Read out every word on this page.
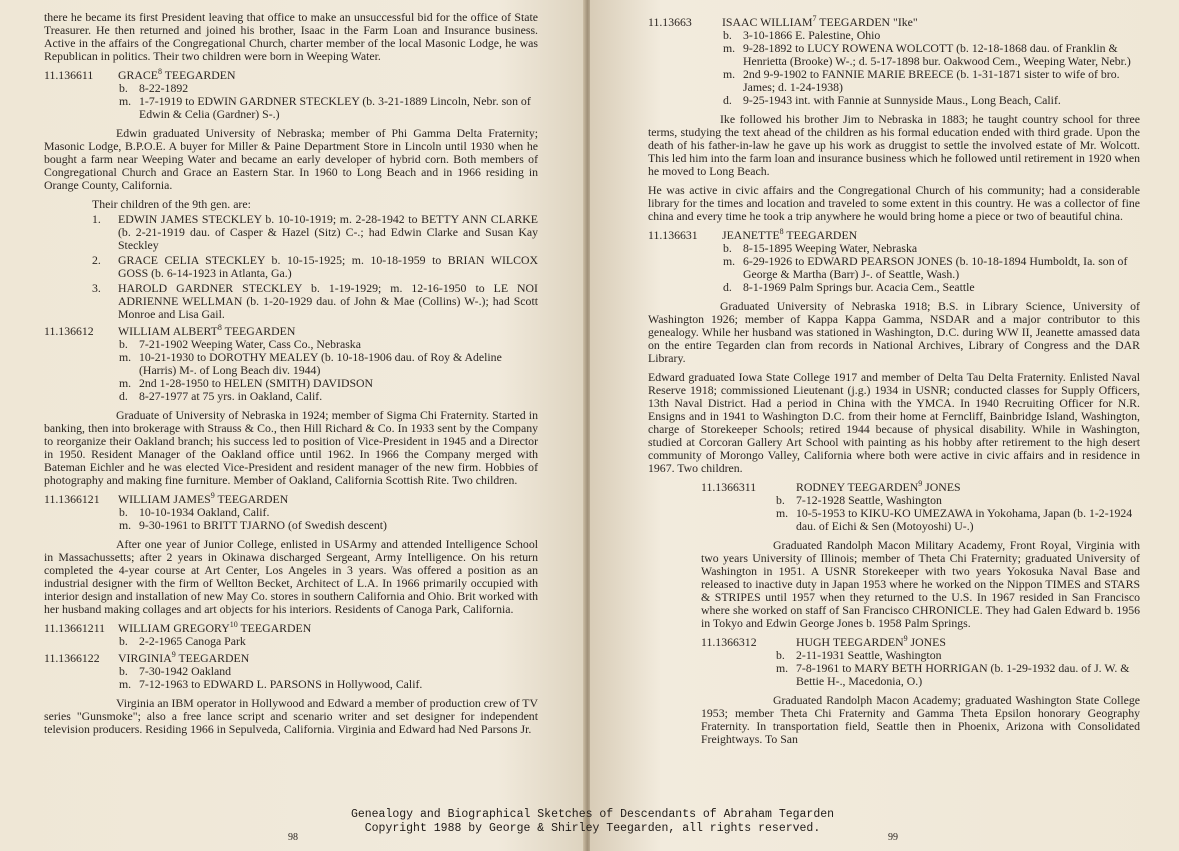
there he became its first President leaving that office to make an unsuccessful bid for the office of State Treasurer. He then returned and joined his brother, Isaac in the Farm Loan and Insurance business. Active in the affairs of the Congregational Church, charter member of the local Masonic Lodge, he was Republican in politics. Their two children were born in Weeping Water.

11.136611	GRACE$^8$ TEEGARDEN
b. 8-22-1892
m. 1-7-1919 to EDWIN GARDNER STECKLEY (b. 3-21-1889 Lincoln, Nebr. son of Edwin & Celia (Gardner) S-.)

Edwin graduated University of Nebraska; member of Phi Gamma Delta Fraternity; Masonic Lodge, B.P.O.E. A buyer for Miller & Paine Department Store in Lincoln until 1930 when he bought a farm near Weeping Water and became an early developer of hybrid corn. Both members of Congregational Church and Grace an Eastern Star. In 1960 to Long Beach and in 1966 residing in Orange County, California.

Their children of the 9th gen. are:
1.	EDWIN JAMES STECKLEY b. 10-10-1919; m. 2-28-1942 to BETTY ANN CLARKE (b. 2-21-1919 dau. of Casper & Hazel (Sitz) C-.; had Edwin Clarke and Susan Kay Steckley
2.	GRACE CELIA STECKLEY b. 10-15-1925; m. 10-18-1959 to BRIAN WILCOX GOSS (b. 6-14-1923 in Atlanta, Ga.)
3.	HAROLD GARDNER STECKLEY b. 1-19-1929; m. 12-16-1950 to LE NOI ADRIENNE WELLMAN (b. 1-20-1929 dau. of John & Mae (Collins) W-.); had Scott Monroe and Lisa Gail.
11.136612	WILLIAM ALBERT$^8$ TEEGARDEN
b. 7-21-1902 Weeping Water, Cass Co., Nebraska
m. 10-21-1930 to DOROTHY MEALEY (b. 10-18-1906 dau. of Roy & Adeline (Harris) M-. of Long Beach div. 1944)
m. 2nd 1-28-1950 to HELEN (SMITH) DAVIDSON
d. 8-27-1977 at 75 yrs. in Oakland, Calif.

Graduate of University of Nebraska in 1924; member of Sigma Chi Fraternity. Started in banking, then into brokerage with Strauss & Co., then Hill Richard & Co. In 1933 sent by the Company to reorganize their Oakland branch; his success led to position of Vice-President in 1945 and a Director in 1950. Resident Manager of the Oakland office until 1962. In 1966 the Company merged with Bateman Eichler and he was elected Vice-President and resident manager of the new firm. Hobbies of photography and making fine furniture. Member of Oakland, California Scottish Rite. Two children.

11.1366121	WILLIAM JAMES$^9$ TEEGARDEN
b. 10-10-1934 Oakland, Calif.
m. 9-30-1961 to BRITT TJARNO (of Swedish descent)

After one year of Junior College, enlisted in USArmy and attended Intelligence School in Massachussetts; after 2 years in Okinawa discharged Sergeant, Army Intelligence. On his return completed the 4-year course at Art Center, Los Angeles in 3 years. Was offered a position as an industrial designer with the firm of Wellton Becket, Architect of L.A. In 1966 primarily occupied with interior design and installation of new May Co. stores in southern California and Ohio. Brit worked with her husband making collages and art objects for his interiors. Residents of Canoga Park, California.

11.13661211	WILLIAM GREGORY$^{10}$ TEEGARDEN
b. 2-2-1965 Canoga Park
11.1366122	VIRGINIA$^9$ TEEGARDEN
b. 7-30-1942 Oakland
m. 7-12-1963 to EDWARD L. PARSONS in Hollywood, Calif.

Virginia an IBM operator in Hollywood and Edward a member of production crew of TV series "Gunsmoke"; also a free lance script and scenario writer and set designer for independent television producers. Residing 1966 in Sepulveda, California. Virginia and Edward had Ned Parsons Jr.

98
11.13663	ISAAC WILLIAM$^7$ TEEGARDEN "Ike"
b. 3-10-1866 E. Palestine, Ohio
m. 9-28-1892 to LUCY ROWENA WOLCOTT (b. 12-18-1868 dau. of Franklin & Henrietta (Brooke) W-.; d. 5-17-1898 bur. Oakwood Cem., Weeping Water, Nebr.)
m. 2nd 9-9-1902 to FANNIE MARIE BREECE (b. 1-31-1871 sister to wife of bro. James; d. 1-24-1938)
d. 9-25-1943 int. with Fannie at Sunnyside Maus., Long Beach, Calif.

Ike followed his brother Jim to Nebraska in 1883; he taught country school for three terms, studying the text ahead of the children as his formal education ended with third grade. Upon the death of his father-in-law he gave up his work as druggist to settle the involved estate of Mr. Wolcott. This led him into the farm loan and insurance business which he followed until retirement in 1920 when he moved to Long Beach.

He was active in civic affairs and the Congregational Church of his community; had a considerable library for the times and location and traveled to some extent in this country. He was a collector of fine china and every time he took a trip anywhere he would bring home a piece or two of beautiful china.

11.136631	JEANETTE$^8$ TEEGARDEN
b. 8-15-1895 Weeping Water, Nebraska
m. 6-29-1926 to EDWARD PEARSON JONES (b. 10-18-1894 Humboldt, Ia. son of George & Martha (Barr) J-. of Seattle, Wash.)
d. 8-1-1969 Palm Springs bur. Acacia Cem., Seattle

Graduated University of Nebraska 1918; B.S. in Library Science, University of Washington 1926; member of Kappa Kappa Gamma, NSDAR and a major contributor to this genealogy. While her husband was stationed in Washington, D.C. during WW II, Jeanette amassed data on the entire Tegarden clan from records in National Archives, Library of Congress and the DAR Library.

Edward graduated Iowa State College 1917 and member of Delta Tau Delta Fraternity. Enlisted Naval Reserve 1918; commissioned Lieutenant (j.g.) 1934 in USNR; conducted classes for Supply Officers, 13th Naval District. Had a period in China with the YMCA. In 1940 Recruiting Officer for N.R. Ensigns and in 1941 to Washington D.C. from their home at Ferncliff, Bainbridge Island, Washington, charge of Storekeeper Schools; retired 1944 because of physical disability. While in Washington, studied at Corcoran Gallery Art School with painting as his hobby after retirement to the high desert community of Morongo Valley, California where both were active in civic affairs and in residence in 1967. Two children.

11.1366311	RODNEY TEEGARDEN$^9$ JONES
b. 7-12-1928 Seattle, Washington
m. 10-5-1953 to KIKU-KO UMEZAWA in Yokohama, Japan (b. 1-2-1924 dau. of Eichi & Sen (Motoyoshi) U-.)

Graduated Randolph Macon Military Academy, Front Royal, Virginia with two years University of Illinois; member of Theta Chi Fraternity; graduated University of Washington in 1951. A USNR Storekeeper with two years Yokosuka Naval Base and released to inactive duty in Japan 1953 where he worked on the Nippon TIMES and STARS & STRIPES until 1957 when they returned to the U.S. In 1967 resided in San Francisco where she worked on staff of San Francisco CHRONICLE. They had Galen Edward b. 1956 in Tokyo and Edwin George Jones b. 1958 Palm Springs.

11.1366312	HUGH TEEGARDEN$^9$ JONES
b. 2-11-1931 Seattle, Washington
m. 7-8-1961 to MARY BETH HORRIGAN (b. 1-29-1932 dau. of J. W. & Bettie H-., Macedonia, O.)

Graduated Randolph Macon Academy; graduated Washington State College 1953; member Theta Chi Fraternity and Gamma Theta Epsilon honorary Geography Fraternity. In transportation field, Seattle then in Phoenix, Arizona with Consolidated Freightways. To San

99
Genealogy and Biographical Sketches of Descendants of Abraham Tegarden
Copyright 1988 by George & Shirley Teegarden, all rights reserved.
